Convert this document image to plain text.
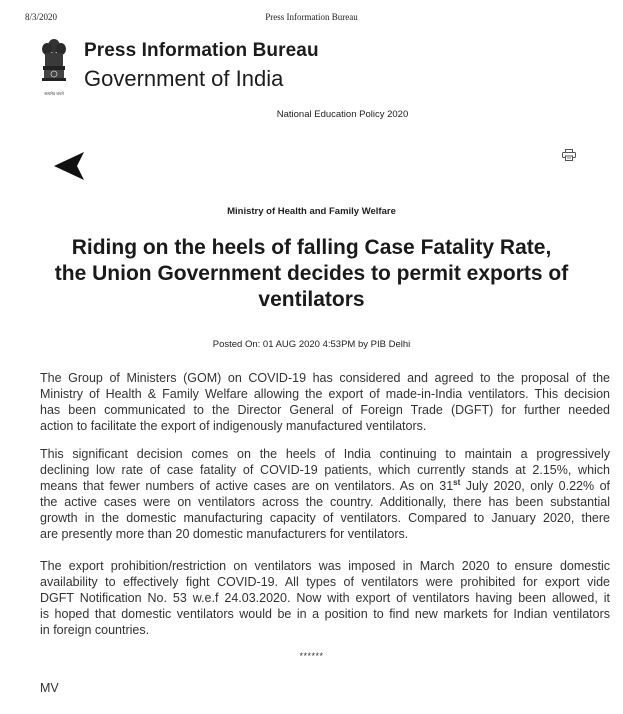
8/3/2020	Press Information Bureau
सत्यमेव जयते
Press Information Bureau
Government of India
National Education Policy 2020
Ministry of Health and Family Welfare
Riding on the heels of falling Case Fatality Rate,
the Union Government decides to permit exports of
ventilators
Posted On: 01 AUG 2020 4:53PM by PIB Delhi
The Group of Ministers (GOM) on COVID-19 has considered and agreed to the proposal of the
Ministry of Health & Family Welfare allowing the export of made-in-India ventilators. This decision
has been communicated to the Director General of Foreign Trade (DGFT) for further needed
action to facilitate the export of indigenously manufactured ventilators.
This significant decision comes on the heels of India continuing to maintain a progressively
declining low rate of case fatality of COVID-19 patients, which currently stands at 2.15%, which
means that fewer numbers of active cases are on ventilators. As on 31st July 2020, only 0.22% of
the active cases were on ventilators across the country. Additionally, there has been substantial
growth in the domestic manufacturing capacity of ventilators. Compared to January 2020, there
are presently more than 20 domestic manufacturers for ventilators.
The export prohibition/restriction on ventilators was imposed in March 2020 to ensure domestic
availability to effectively fight COVID-19. All types of ventilators were prohibited for export vide
DGFT Notification No. 53 w.e.f 24.03.2020. Now with export of ventilators having been allowed, it
is hoped that domestic ventilators would be in a position to find new markets for Indian ventilators
in foreign countries.
******
MV
